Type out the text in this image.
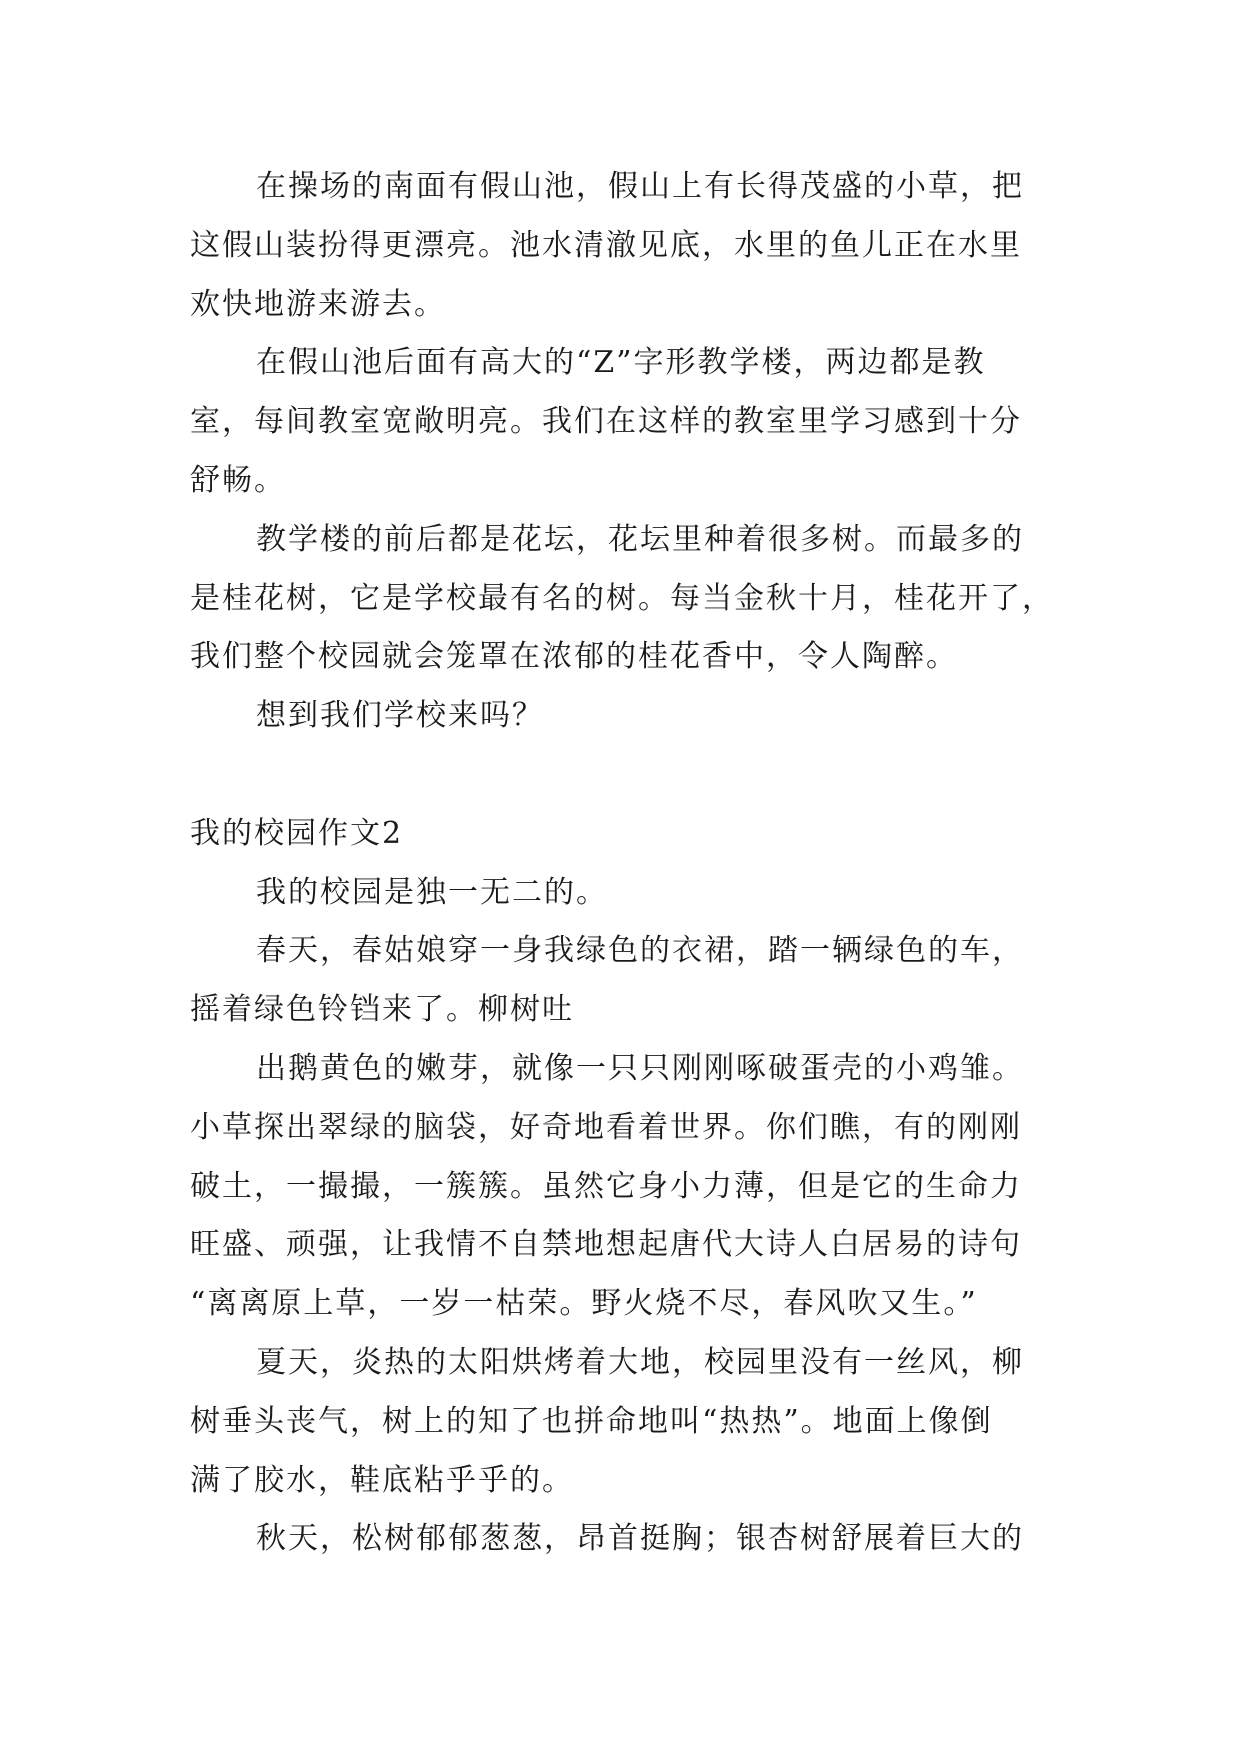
在操场的南面有假山池，假山上有长得茂盛的小草，把
这假山装扮得更漂亮。池水清澈见底，水里的鱼儿正在水里
欢快地游来游去。
在假山池后面有高大的“Z”字形教学楼，两边都是教
室，每间教室宽敞明亮。我们在这样的教室里学习感到十分
舒畅。
教学楼的前后都是花坛，花坛里种着很多树。而最多的
是桂花树，它是学校最有名的树。每当金秋十月，桂花开了，
我们整个校园就会笼罩在浓郁的桂花香中，令人陶醉。
想到我们学校来吗？
我的校园作文2
我的校园是独一无二的。
春天，春姑娘穿一身我绿色的衣裙，踏一辆绿色的车，
摇着绿色铃铛来了。柳树吐
出鹅黄色的嫩芽，就像一只只刚刚啄破蛋壳的小鸡雏。
小草探出翠绿的脑袋，好奇地看着世界。你们瞧，有的刚刚
破土，一撮撮，一簇簇。虽然它身小力薄，但是它的生命力
旺盛、顽强，让我情不自禁地想起唐代大诗人白居易的诗句
“离离原上草，一岁一枯荣。野火烧不尽，春风吹又生。”
夏天，炎热的太阳烘烤着大地，校园里没有一丝风，柳
树垂头丧气，树上的知了也拼命地叫“热热”。地面上像倒
满了胶水，鞋底粘乎乎的。
秋天，松树郁郁葱葱，昂首挺胸；银杏树舒展着巨大的
